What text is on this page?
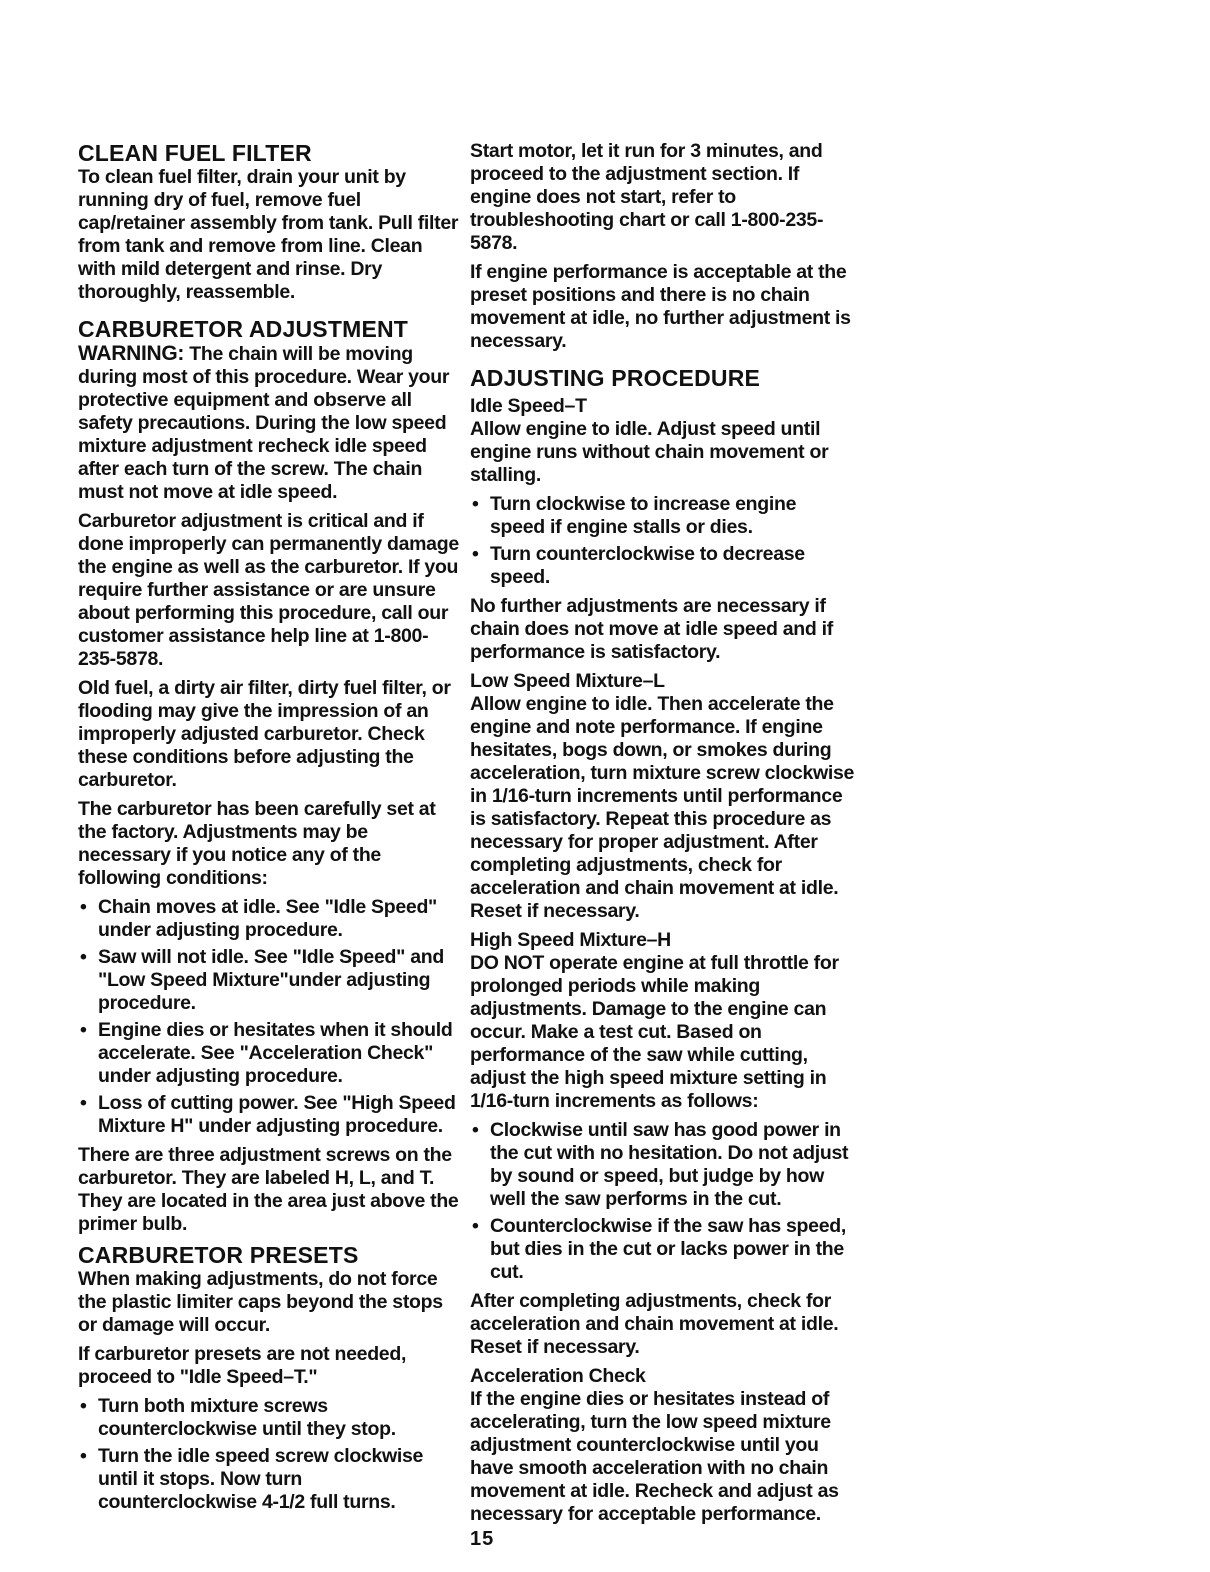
CLEAN FUEL FILTER

To clean fuel filter, drain your unit by running dry of fuel, remove fuel cap/retainer assembly from tank. Pull filter from tank and remove from line. Clean with mild detergent and rinse. Dry thoroughly, reassemble.

CARBURETOR ADJUSTMENT

WARNING: The chain will be moving during most of this procedure. Wear your protective equipment and observe all safety precautions. During the low speed mixture adjustment recheck idle speed after each turn of the screw. The chain must not move at idle speed.

Carburetor adjustment is critical and if done improperly can permanently damage the engine as well as the carburetor. If you require further assistance or are unsure about performing this procedure, call our customer assistance help line at 1-800-235-5878.

Old fuel, a dirty air filter, dirty fuel filter, or flooding may give the impression of an improperly adjusted carburetor. Check these conditions before adjusting the carburetor.

The carburetor has been carefully set at the factory. Adjustments may be necessary if you notice any of the following conditions:

• Chain moves at idle. See "Idle Speed" under adjusting procedure.
• Saw will not idle. See "Idle Speed" and "Low Speed Mixture"under adjusting procedure.
• Engine dies or hesitates when it should accelerate. See "Acceleration Check" under adjusting procedure.
• Loss of cutting power. See "High Speed Mixture H" under adjusting procedure.

There are three adjustment screws on the carburetor. They are labeled H, L, and T. They are located in the area just above the primer bulb.

CARBURETOR PRESETS

When making adjustments, do not force the plastic limiter caps beyond the stops or damage will occur.

If carburetor presets are not needed, proceed to "Idle Speed–T."

• Turn both mixture screws counterclockwise until they stop.
• Turn the idle speed screw clockwise until it stops. Now turn counterclockwise 4-1/2 full turns.

Start motor, let it run for 3 minutes, and proceed to the adjustment section. If engine does not start, refer to troubleshooting chart or call 1-800-235-5878.

If engine performance is acceptable at the preset positions and there is no chain movement at idle, no further adjustment is necessary.

ADJUSTING PROCEDURE
Idle Speed–T

Allow engine to idle. Adjust speed until engine runs without chain movement or stalling.

• Turn clockwise to increase engine speed if engine stalls or dies.
• Turn counterclockwise to decrease speed.

No further adjustments are necessary if chain does not move at idle speed and if performance is satisfactory.

Low Speed Mixture–L

Allow engine to idle. Then accelerate the engine and note performance. If engine hesitates, bogs down, or smokes during acceleration, turn mixture screw clockwise in 1/16-turn increments until performance is satisfactory. Repeat this procedure as necessary for proper adjustment. After completing adjustments, check for acceleration and chain movement at idle. Reset if necessary.

High Speed Mixture–H

DO NOT operate engine at full throttle for prolonged periods while making adjustments. Damage to the engine can occur. Make a test cut. Based on performance of the saw while cutting, adjust the high speed mixture setting in 1/16-turn increments as follows:

• Clockwise until saw has good power in the cut with no hesitation. Do not adjust by sound or speed, but judge by how well the saw performs in the cut.
• Counterclockwise if the saw has speed, but dies in the cut or lacks power in the cut.

After completing adjustments, check for acceleration and chain movement at idle. Reset if necessary.

Acceleration Check

If the engine dies or hesitates instead of accelerating, turn the low speed mixture adjustment counterclockwise until you have smooth acceleration with no chain movement at idle. Recheck and adjust as necessary for acceptable performance.

15
